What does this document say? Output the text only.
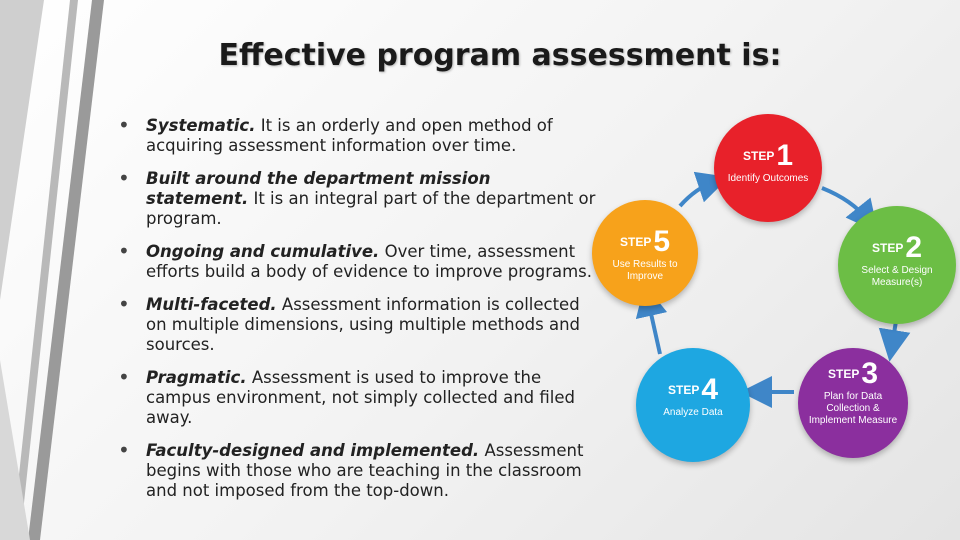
Effective program assessment is:
• Systematic. It is an orderly and open method of acquiring assessment information over time.
• Built around the department mission statement. It is an integral part of the department or program.
• Ongoing and cumulative. Over time, assessment efforts build a body of evidence to improve programs.
• Multi-faceted. Assessment information is collected on multiple dimensions, using multiple methods and sources.
• Pragmatic. Assessment is used to improve the campus environment, not simply collected and filed away.
• Faculty-designed and implemented. Assessment begins with those who are teaching in the classroom and not imposed from the top-down.
STEP1
Identify Outcomes
STEP2
Select & Design Measure(s)
STEP3
Plan for Data Collection & Implement Measure
STEP4
Analyze Data
STEP5
Use Results to Improve
